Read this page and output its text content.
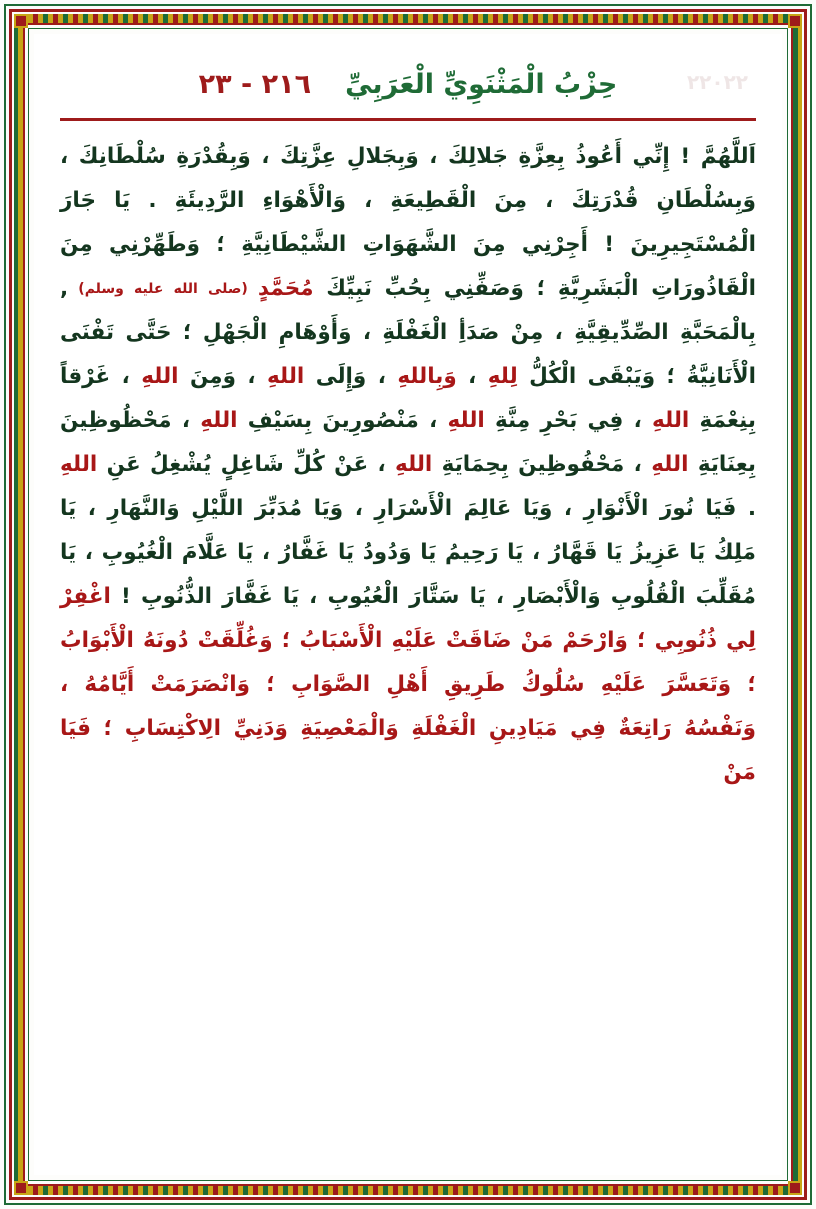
٢٢٠٢٢
حِزْبُ الْمَثْنَوِيِّ الْعَرَبِيِّ
٢١٦ - ٢٣

اَللَّهُمَّ ! إِنِّي أَعُوذُ بِعِزَّةِ جَلالِكَ ، وَبِجَلالِ عِزَّتِكَ ، وَبِقُدْرَةِ سُلْطَانِكَ ، وَبِسُلْطَانِ قُدْرَتِكَ ، مِنَ الْقَطِيعَةِ ، وَالْأَهْوَاءِ الرَّدِيئَةِ . يَا جَارَ الْمُسْتَجِيرِينَ ! أَجِرْنِي مِنَ الشَّهَوَاتِ الشَّيْطَانِيَّةِ ؛ وَطَهِّرْنِي مِنَ الْقَاذُورَاتِ الْبَشَرِيَّةِ ؛ وَصَفِّنِي بِحُبِّ نَبِيِّكَ مُحَمَّدٍ (صلى الله عليه وسلم) , بِالْمَحَبَّةِ الصِّدِّيقِيَّةِ ، مِنْ صَدَأِ الْغَفْلَةِ ، وَأَوْهَامِ الْجَهْلِ ؛ حَتَّى تَفْنَى الْأَنَانِيَّةُ ؛ وَيَبْقَى الْكُلُّ لِلهِ ، وَبِاللهِ ، وَإِلَى اللهِ ، وَمِنَ اللهِ ، غَرْقاً بِنِعْمَةِ اللهِ ، فِي بَحْرِ مِنَّةِ اللهِ ، مَنْصُورِينَ بِسَيْفِ اللهِ ، مَحْظُوظِينَ بِعِنَايَةِ اللهِ ، مَحْفُوظِينَ بِحِمَايَةِ اللهِ ، عَنْ كُلِّ شَاغِلٍ يُشْغِلُ عَنِ اللهِ . فَيَا نُورَ الْأَنْوَارِ ، وَيَا عَالِمَ الْأَسْرَارِ ، وَيَا مُدَبِّرَ اللَّيْلِ وَالنَّهَارِ ، يَا مَلِكُ يَا عَزِيزُ يَا قَهَّارُ ، يَا رَحِيمُ يَا وَدُودُ يَا غَفَّارُ ، يَا عَلَّامَ الْغُيُوبِ ، يَا مُقَلِّبَ الْقُلُوبِ وَالْأَبْصَارِ ، يَا سَتَّارَ الْعُيُوبِ ، يَا غَفَّارَ الذُّنُوبِ ! اغْفِرْ لِي ذُنُوبِي ؛ وَارْحَمْ مَنْ ضَاقَتْ عَلَيْهِ الْأَسْبَابُ ؛ وَغُلِّقَتْ دُونَهُ الْأَبْوَابُ ؛ وَتَعَسَّرَ عَلَيْهِ سُلُوكُ طَرِيقِ أَهْلِ الصَّوَابِ ؛ وَانْصَرَمَتْ أَيَّامُهُ ، وَنَفْسُهُ رَاتِعَةٌ فِي مَيَادِينِ الْغَفْلَةِ وَالْمَعْصِيَةِ وَدَنِيِّ الِاكْتِسَابِ ؛ فَيَا مَنْ
